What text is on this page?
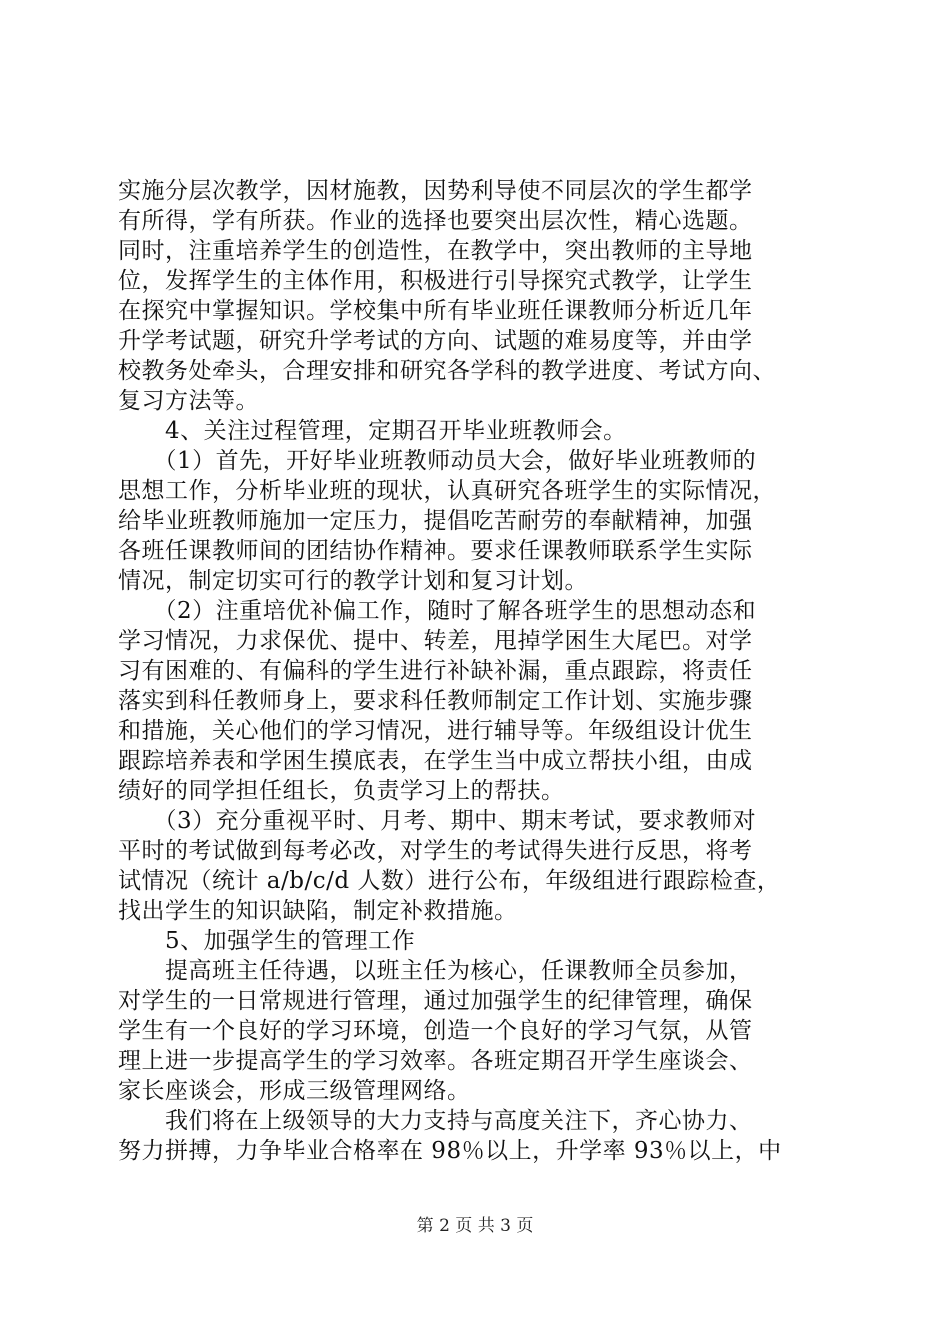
实施分层次教学，因材施教，因势利导使不同层次的学生都学
有所得，学有所获。作业的选择也要突出层次性，精心选题。
同时，注重培养学生的创造性，在教学中，突出教师的主导地
位，发挥学生的主体作用，积极进行引导探究式教学，让学生
在探究中掌握知识。学校集中所有毕业班任课教师分析近几年
升学考试题，研究升学考试的方向、试题的难易度等，并由学
校教务处牵头，合理安排和研究各学科的教学进度、考试方向、
复习方法等。
　　4、关注过程管理，定期召开毕业班教师会。
　　（1）首先，开好毕业班教师动员大会，做好毕业班教师的
思想工作，分析毕业班的现状，认真研究各班学生的实际情况，
给毕业班教师施加一定压力，提倡吃苦耐劳的奉献精神，加强
各班任课教师间的团结协作精神。要求任课教师联系学生实际
情况，制定切实可行的教学计划和复习计划。
　　（2）注重培优补偏工作，随时了解各班学生的思想动态和
学习情况，力求保优、提中、转差，甩掉学困生大尾巴。对学
习有困难的、有偏科的学生进行补缺补漏，重点跟踪，将责任
落实到科任教师身上，要求科任教师制定工作计划、实施步骤
和措施，关心他们的学习情况，进行辅导等。年级组设计优生
跟踪培养表和学困生摸底表，在学生当中成立帮扶小组，由成
绩好的同学担任组长，负责学习上的帮扶。
　　（3）充分重视平时、月考、期中、期末考试，要求教师对
平时的考试做到每考必改，对学生的考试得失进行反思，将考
试情况（统计 a/b/c/d 人数）进行公布，年级组进行跟踪检查，
找出学生的知识缺陷，制定补救措施。
　　5、加强学生的管理工作
　　提高班主任待遇，以班主任为核心，任课教师全员参加，
对学生的一日常规进行管理，通过加强学生的纪律管理，确保
第 2 页 共 3 页
学生有一个良好的学习环境，创造一个良好的学习气氛，从管
理上进一步提高学生的学习效率。各班定期召开学生座谈会、
家长座谈会，形成三级管理网络。
　　我们将在上级领导的大力支持与高度关注下，齐心协力、
努力拼搏，力争毕业合格率在 98％以上，升学率 93％以上，中
